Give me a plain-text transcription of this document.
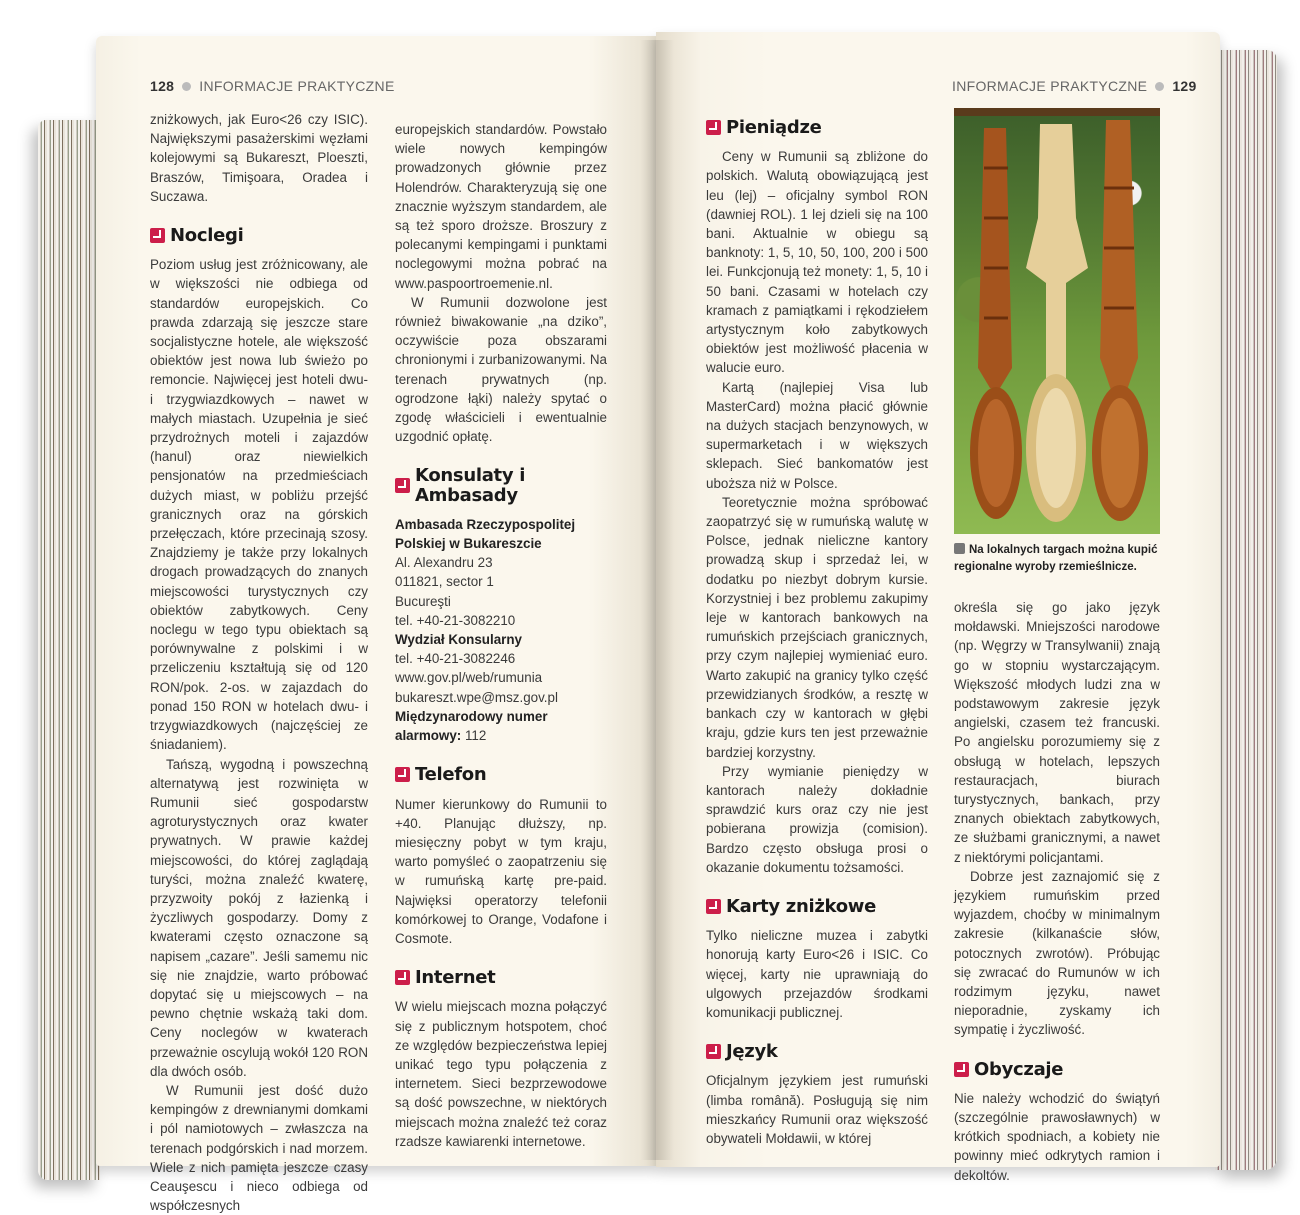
128 INFORMACJE PRAKTYCZNE	INFORMACJE PRAKTYCZNE 129

zniżkowych, jak Euro<26 czy ISIC). Największymi pasażerskimi węzłami kolejowymi są Bukareszt, Ploeszti, Braszów, Timişoara, Oradea i Suczawa.

Noclegi

Poziom usług jest zróżnicowany, ale w większości nie odbiega od standardów europejskich. Co prawda zdarzają się jeszcze stare socjalistyczne hotele, ale większość obiektów jest nowa lub świeżo po remoncie. Najwięcej jest hoteli dwu- i trzygwiazdkowych – nawet w małych miastach. Uzupełnia je sieć przydrożnych moteli i zajazdów (hanul) oraz niewielkich pensjonatów na przedmieściach dużych miast, w pobliżu przejść granicznych oraz na górskich przełęczach, które przecinają szosy. Znajdziemy je także przy lokalnych drogach prowadzących do znanych miejscowości turystycznych czy obiektów zabytkowych. Ceny noclegu w tego typu obiektach są porównywalne z polskimi i w przeliczeniu kształtują się od 120 RON/pok. 2-os. w zajazdach do ponad 150 RON w hotelach dwu- i trzygwiazdkowych (najczęściej ze śniadaniem).

Tańszą, wygodną i powszechną alternatywą jest rozwinięta w Rumunii sieć gospodarstw agroturystycznych oraz kwater prywatnych. W prawie każdej miejscowości, do której zaglądają turyści, można znaleźć kwaterę, przyzwoity pokój z łazienką i życzliwych gospodarzy. Domy z kwaterami często oznaczone są napisem „cazare”. Jeśli samemu nic się nie znajdzie, warto próbować dopytać się u miejscowych – na pewno chętnie wskażą taki dom. Ceny noclegów w kwaterach przeważnie oscylują wokół 120 RON dla dwóch osób.

W Rumunii jest dość dużo kempingów z drewnianymi domkami i pól namiotowych – zwłaszcza na terenach podgórskich i nad morzem. Wiele z nich pamięta jeszcze czasy Ceauşescu i nieco odbiega od współczesnych

europejskich standardów. Powstało wiele nowych kempingów prowadzonych głównie przez Holendrów. Charakteryzują się one znacznie wyższym standardem, ale są też sporo droższe. Broszury z polecanymi kempingami i punktami noclegowymi można pobrać na www.paspoortroemenie.nl.

W Rumunii dozwolone jest również biwakowanie „na dziko”, oczywiście poza obszarami chronionymi i zurbanizowanymi. Na terenach prywatnych (np. ogrodzone łąki) należy spytać o zgodę właścicieli i ewentualnie uzgodnić opłatę.

Konsulaty i Ambasady
Ambasada Rzeczypospolitej Polskiej w Bukareszcie
Al. Alexandru 23
011821, sector 1
Bucureşti
tel. +40-21-3082210
Wydział Konsularny
tel. +40-21-3082246
www.gov.pl/web/rumunia
bukareszt.wpe@msz.gov.pl
Międzynarodowy numer alarmowy: 112
Telefon

Numer kierunkowy do Rumunii to +40. Planując dłuższy, np. miesięczny pobyt w tym kraju, warto pomyśleć o zaopatrzeniu się w rumuńską kartę pre-paid. Najwięksi operatorzy telefonii komórkowej to Orange, Vodafone i Cosmote.

Internet

W wielu miejscach mozna połączyć się z publicznym hotspotem, choć ze względów bezpieczeństwa lepiej unikać tego typu połączenia z internetem. Sieci bezprzewodowe są dość powszechne, w niektórych miejscach można znaleźć też coraz rzadsze kawiarenki internetowe.

Pieniądze

Ceny w Rumunii są zbliżone do polskich. Walutą obowiązującą jest leu (lej) – oficjalny symbol RON (dawniej ROL). 1 lej dzieli się na 100 bani. Aktualnie w obiegu są banknoty: 1, 5, 10, 50, 100, 200 i 500 lei. Funkcjonują też monety: 1, 5, 10 i 50 bani. Czasami w hotelach czy kramach z pamiątkami i rękodziełem artystycznym koło zabytkowych obiektów jest możliwość płacenia w walucie euro.

Kartą (najlepiej Visa lub MasterCard) można płacić głównie na dużych stacjach benzynowych, w supermarketach i w większych sklepach. Sieć bankomatów jest uboższa niż w Polsce.

Teoretycznie można spróbować zaopatrzyć się w rumuńską walutę w Polsce, jednak nieliczne kantory prowadzą skup i sprzedaż lei, w dodatku po niezbyt dobrym kursie. Korzystniej i bez problemu zakupimy leje w kantorach bankowych na rumuńskich przejściach granicznych, przy czym najlepiej wymieniać euro. Warto zakupić na granicy tylko część przewidzianych środków, a resztę w bankach czy w kantorach w głębi kraju, gdzie kurs ten jest przeważnie bardziej korzystny.

Przy wymianie pieniędzy w kantorach należy dokładnie sprawdzić kurs oraz czy nie jest pobierana prowizja (comision). Bardzo często obsługa prosi o okazanie dokumentu tożsamości.

Karty zniżkowe

Tylko nieliczne muzea i zabytki honorują karty Euro<26 i ISIC. Co więcej, karty nie uprawniają do ulgowych przejazdów środkami komunikacji publicznej.

Język

Oficjalnym językiem jest rumuński (limba română). Posługują się nim mieszkańcy Rumunii oraz większość obywateli Mołdawii, w której

Na lokalnych targach można kupić regionalne wyroby rzemieślnicze.

określa się go jako język mołdawski. Mniejszości narodowe (np. Węgrzy w Transylwanii) znają go w stopniu wystarczającym. Większość młodych ludzi zna w podstawowym zakresie język angielski, czasem też francuski. Po angielsku porozumiemy się z obsługą w hotelach, lepszych restauracjach, biurach turystycznych, bankach, przy znanych obiektach zabytkowych, ze służbami granicznymi, a nawet z niektórymi policjantami.

Dobrze jest zaznajomić się z językiem rumuńskim przed wyjazdem, choćby w minimalnym zakresie (kilkanaście słów, potocznych zwrotów). Próbując się zwracać do Rumunów w ich rodzimym języku, nawet nieporadnie, zyskamy ich sympatię i życzliwość.

Obyczaje

Nie należy wchodzić do świątyń (szczególnie prawosławnych) w krótkich spodniach, a kobiety nie powinny mieć odkrytych ramion i dekoltów.
